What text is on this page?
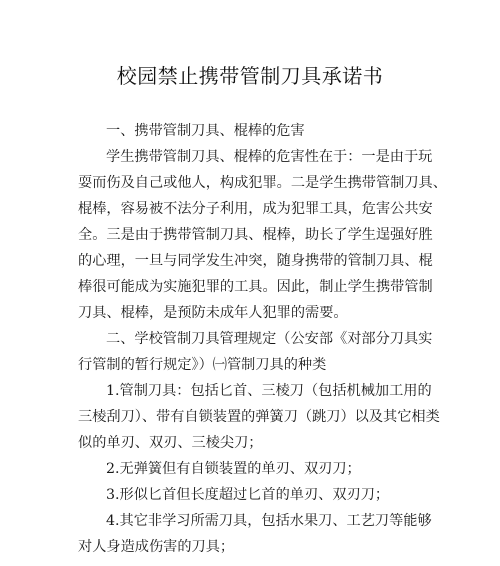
校园禁止携带管制刀具承诺书
一、携带管制刀具、棍棒的危害
学生携带管制刀具、棍棒的危害性在于：一是由于玩
耍而伤及自己或他人，构成犯罪。二是学生携带管制刀具、
棍棒，容易被不法分子利用，成为犯罪工具，危害公共安
全。三是由于携带管制刀具、棍棒，助长了学生逞强好胜
的心理，一旦与同学发生冲突，随身携带的管制刀具、棍
棒很可能成为实施犯罪的工具。因此，制止学生携带管制
刀具、棍棒，是预防未成年人犯罪的需要。
二、学校管制刀具管理规定（公安部《对部分刀具实
行管制的暂行规定》）㈠管制刀具的种类
1.管制刀具：包括匕首、三棱刀（包括机械加工用的
三棱刮刀）、带有自锁装置的弹簧刀（跳刀）以及其它相类
似的单刃、双刃、三棱尖刀；
2.无弹簧但有自锁装置的单刃、双刃刀；
3.形似匕首但长度超过匕首的单刃、双刃刀；
4.其它非学习所需刀具，包括水果刀、工艺刀等能够
对人身造成伤害的刀具；
